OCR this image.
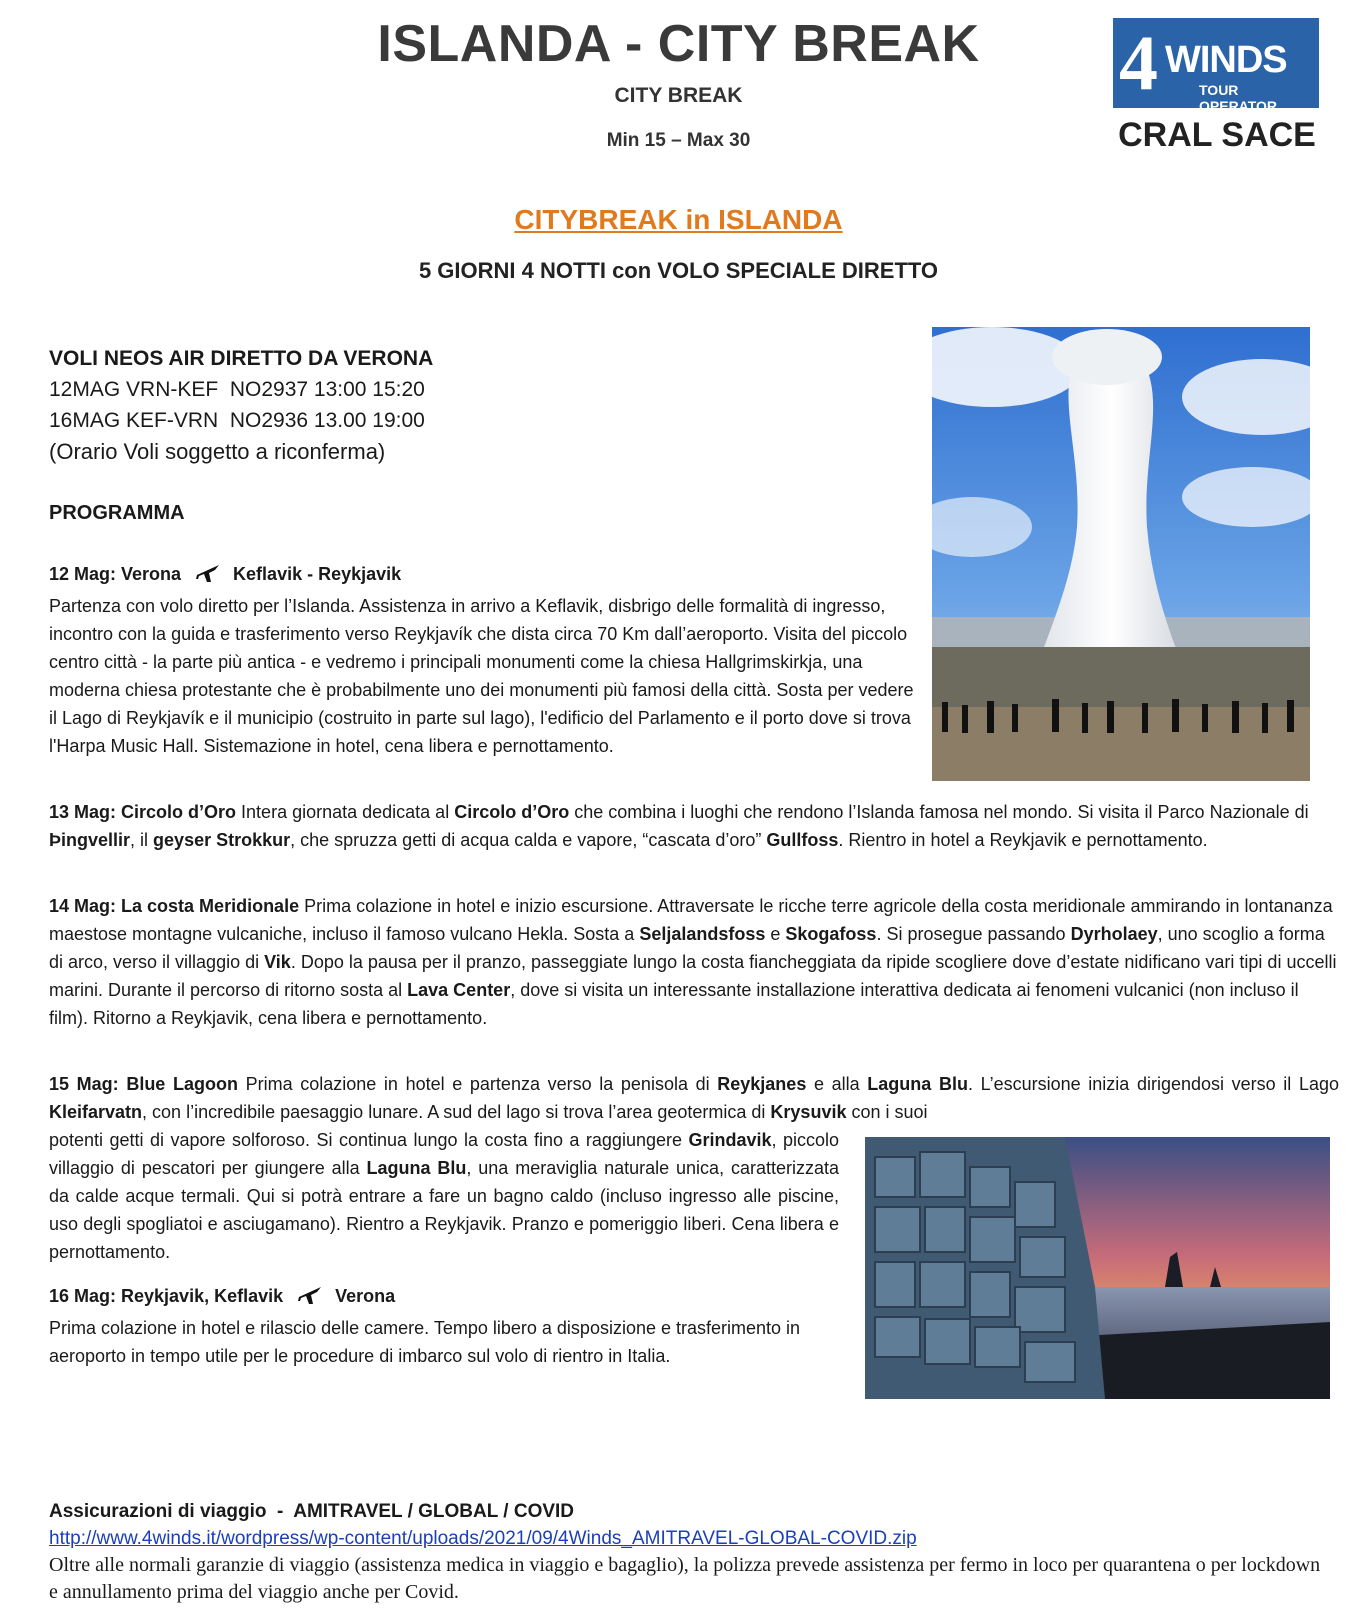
ISLANDA - CITY BREAK
CITY BREAK
Min 15 – Max 30
4 WINDS
TOUR OPERATOR
CRAL SACE
CITYBREAK in ISLANDA
5 GIORNI 4 NOTTI con VOLO SPECIALE DIRETTO
VOLI NEOS AIR DIRETTO DA VERONA
12MAG VRN-KEF  NO2937 13:00 15:20
16MAG KEF-VRN  NO2936 13.00 19:00
(Orario Voli soggetto a riconferma)
PROGRAMMA
12 Mag: Verona	Keflavik - Reykjavik
Partenza con volo diretto per l’Islanda. Assistenza in arrivo a Keflavik, disbrigo delle formalità di ingresso, incontro con la guida e trasferimento verso Reykjavík che dista circa 70 Km dall’aeroporto. Visita del piccolo centro città - la parte più antica - e vedremo i principali monumenti come la chiesa Hallgrimskirkja, una moderna chiesa protestante che è probabilmente uno dei monumenti più famosi della città. Sosta per vedere il Lago di Reykjavík e il municipio (costruito in parte sul lago), l'edificio del Parlamento e il porto dove si trova l'Harpa Music Hall. Sistemazione in hotel, cena libera e pernottamento.
13 Mag: Circolo d’Oro Intera giornata dedicata al Circolo d’Oro che combina i luoghi che rendono l’Islanda famosa nel mondo. Si visita il Parco Nazionale di Þingvellir, il geyser Strokkur, che spruzza getti di acqua calda e vapore, “cascata d’oro” Gullfoss. Rientro in hotel a Reykjavik e pernottamento.
14 Mag: La costa Meridionale Prima colazione in hotel e inizio escursione. Attraversate le ricche terre agricole della costa meridionale ammirando in lontananza maestose montagne vulcaniche, incluso il famoso vulcano Hekla. Sosta a Seljalandsfoss e Skogafoss. Si prosegue passando Dyrholaey, uno scoglio a forma di arco, verso il villaggio di Vik. Dopo la pausa per il pranzo, passeggiate lungo la costa fiancheggiata da ripide scogliere dove d’estate nidificano vari tipi di uccelli marini. Durante il percorso di ritorno sosta al Lava Center, dove si visita un interessante installazione interattiva dedicata ai fenomeni vulcanici (non incluso il film). Ritorno a Reykjavik, cena libera e pernottamento.
15 Mag: Blue Lagoon Prima colazione in hotel e partenza verso la penisola di Reykjanes e alla Laguna Blu. L’escursione inizia dirigendosi verso il Lago Kleifarvatn, con l’incredibile paesaggio lunare. A sud del lago si trova l’area geotermica di Krysuvik con i suoi
potenti getti di vapore solforoso. Si continua lungo la costa fino a raggiungere Grindavik, piccolo villaggio di pescatori per giungere alla Laguna Blu, una meraviglia naturale unica, caratterizzata da calde acque termali. Qui si potrà entrare a fare un bagno caldo (incluso ingresso alle piscine, uso degli spogliatoi e asciugamano). Rientro a Reykjavik. Pranzo e pomeriggio liberi. Cena libera e pernottamento.
16 Mag: Reykjavik, Keflavik	Verona
Prima colazione in hotel e rilascio delle camere. Tempo libero a disposizione e trasferimento in aeroporto in tempo utile per le procedure di imbarco sul volo di rientro in Italia.
Assicurazioni di viaggio  -  AMITRAVEL / GLOBAL / COVID
http://www.4winds.it/wordpress/wp-content/uploads/2021/09/4Winds_AMITRAVEL-GLOBAL-COVID.zip
Oltre alle normali garanzie di viaggio (assistenza medica in viaggio e bagaglio), la polizza prevede assistenza per fermo in loco per quarantena o per lockdown e annullamento prima del viaggio anche per Covid.
